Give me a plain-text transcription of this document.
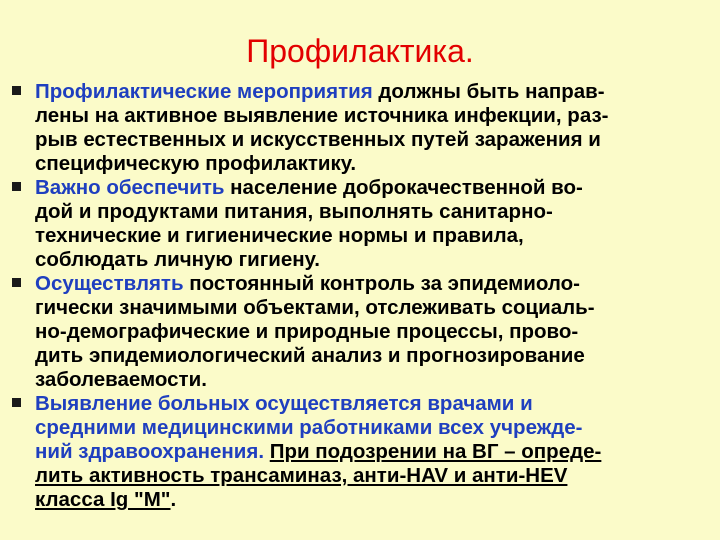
Профилактика.
Профилактические мероприятия должны быть направ-
лены на активное выявление источника инфекции, раз-
рыв естественных и искусственных путей заражения и
специфическую профилактику.
Важно обеспечить население доброкачественной во-
дой и продуктами питания, выполнять санитарно-
технические и гигиенические нормы и правила,
соблюдать личную гигиену.
Осуществлять постоянный контроль за эпидемиоло-
гически значимыми объектами, отслеживать социаль-
но-демографические и природные процессы, прово-
дить эпидемиологический анализ и прогнозирование
заболеваемости.
Выявление больных осуществляется врачами и
средними медицинскими работниками всех учрежде-
ний здравоохранения. При подозрении на ВГ – опреде-
лить активность трансаминаз, анти-HAV и анти-HEV
класса Ig "M".
